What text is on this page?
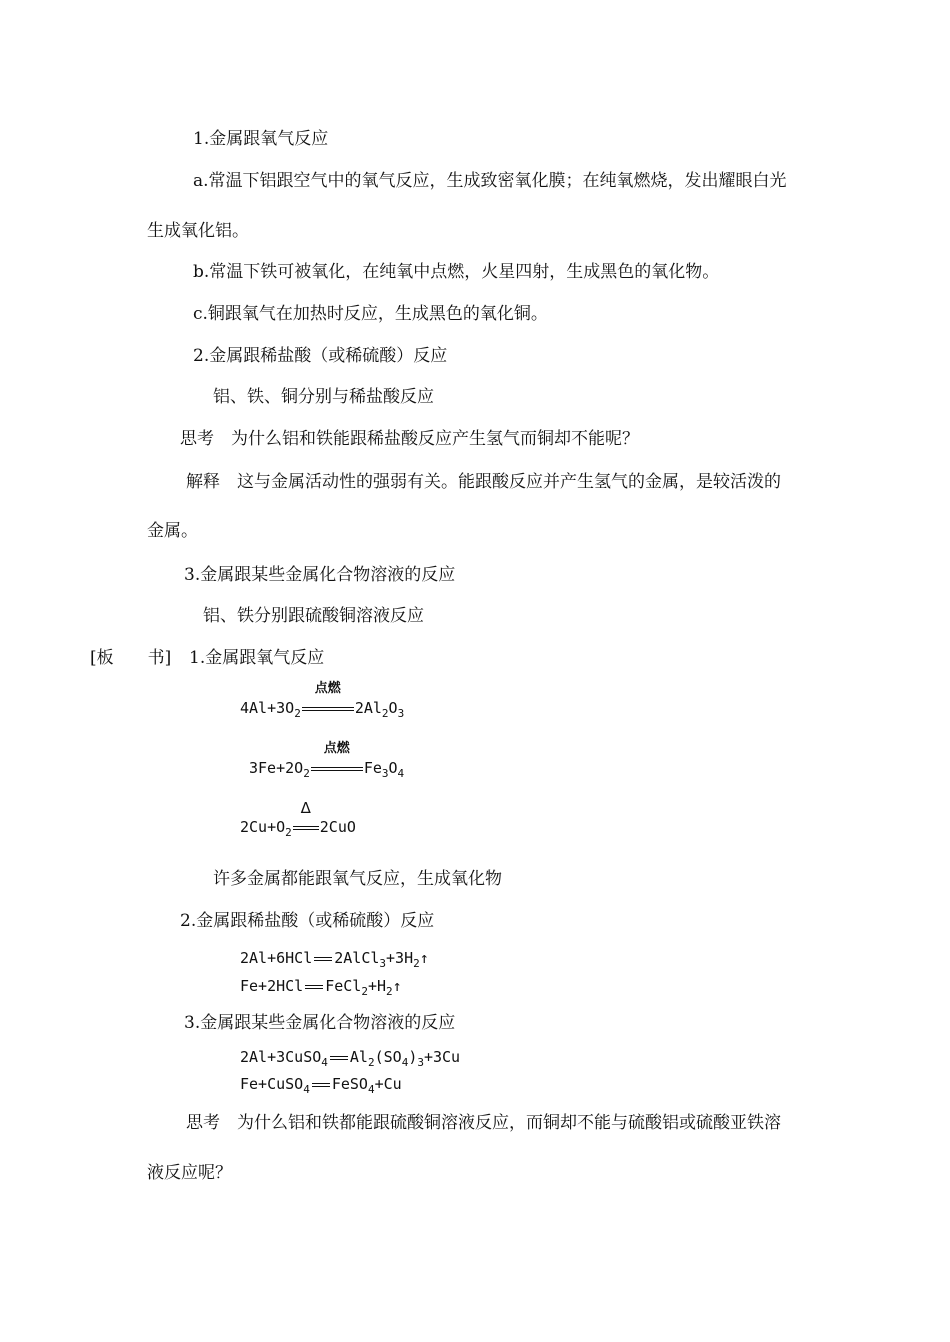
1.金属跟氧气反应
a.常温下铝跟空气中的氧气反应，生成致密氧化膜；在纯氧燃烧，发出耀眼白光
生成氧化铝。
b.常温下铁可被氧化，在纯氧中点燃，火星四射，生成黑色的氧化物。
c.铜跟氧气在加热时反应，生成黑色的氧化铜。
2.金属跟稀盐酸（或稀硫酸）反应
铝、铁、铜分别与稀盐酸反应
思考　为什么铝和铁能跟稀盐酸反应产生氢气而铜却不能呢？
解释　这与金属活动性的强弱有关。能跟酸反应并产生氢气的金属，是较活泼的
金属。
3.金属跟某些金属化合物溶液的反应
铝、铁分别跟硫酸铜溶液反应
[板　　书] 1.金属跟氧气反应
$4Al+3O_2$
点燃
$2Al_2O_3$
$3Fe+2O_2$
点燃
$Fe_3O_4$
$2Cu+O_2$
Δ
2CuO
许多金属都能跟氧气反应，生成氧化物
2.金属跟稀盐酸（或稀硫酸）反应
2Al+6HCl $2AlCl_3+3H_2↑$
Fe+2HCl $FeCl_2+H_2↑$
3.金属跟某些金属化合物溶液的反应
2Al+3CuSO$_4$ $Al_2(SO_4)_3+3Cu$
Fe+CuSO$_4$ FeSO$_4$+Cu
思考　为什么铝和铁都能跟硫酸铜溶液反应，而铜却不能与硫酸铝或硫酸亚铁溶
液反应呢？
